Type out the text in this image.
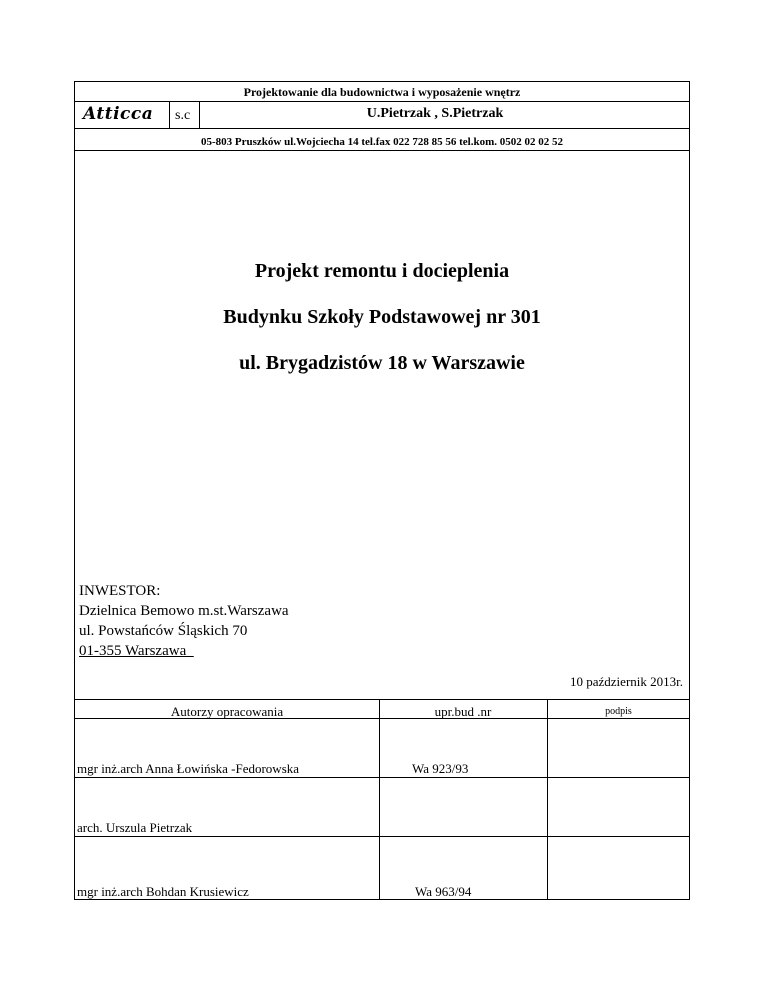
Projektowanie dla budownictwa i wyposażenie wnętrz
Atticca s.c	U.Pietrzak , S.Pietrzak
05-803 Pruszków ul.Wojciecha 14 tel.fax 022 728 85 56 tel.kom. 0502 02 02 52
Projekt remontu i docieplenia
Budynku Szkoły Podstawowej nr 301
ul. Brygadzistów 18 w Warszawie
INWESTOR:
Dzielnica Bemowo m.st.Warszawa
ul. Powstańców Śląskich 70
01-355 Warszawa
10 październik 2013r.
Autorzy opracowania	upr.bud .nr	podpis
mgr inż.arch Anna Łowińska -Fedorowska	Wa 923/93
arch. Urszula Pietrzak
mgr inż.arch Bohdan Krusiewicz	Wa 963/94
